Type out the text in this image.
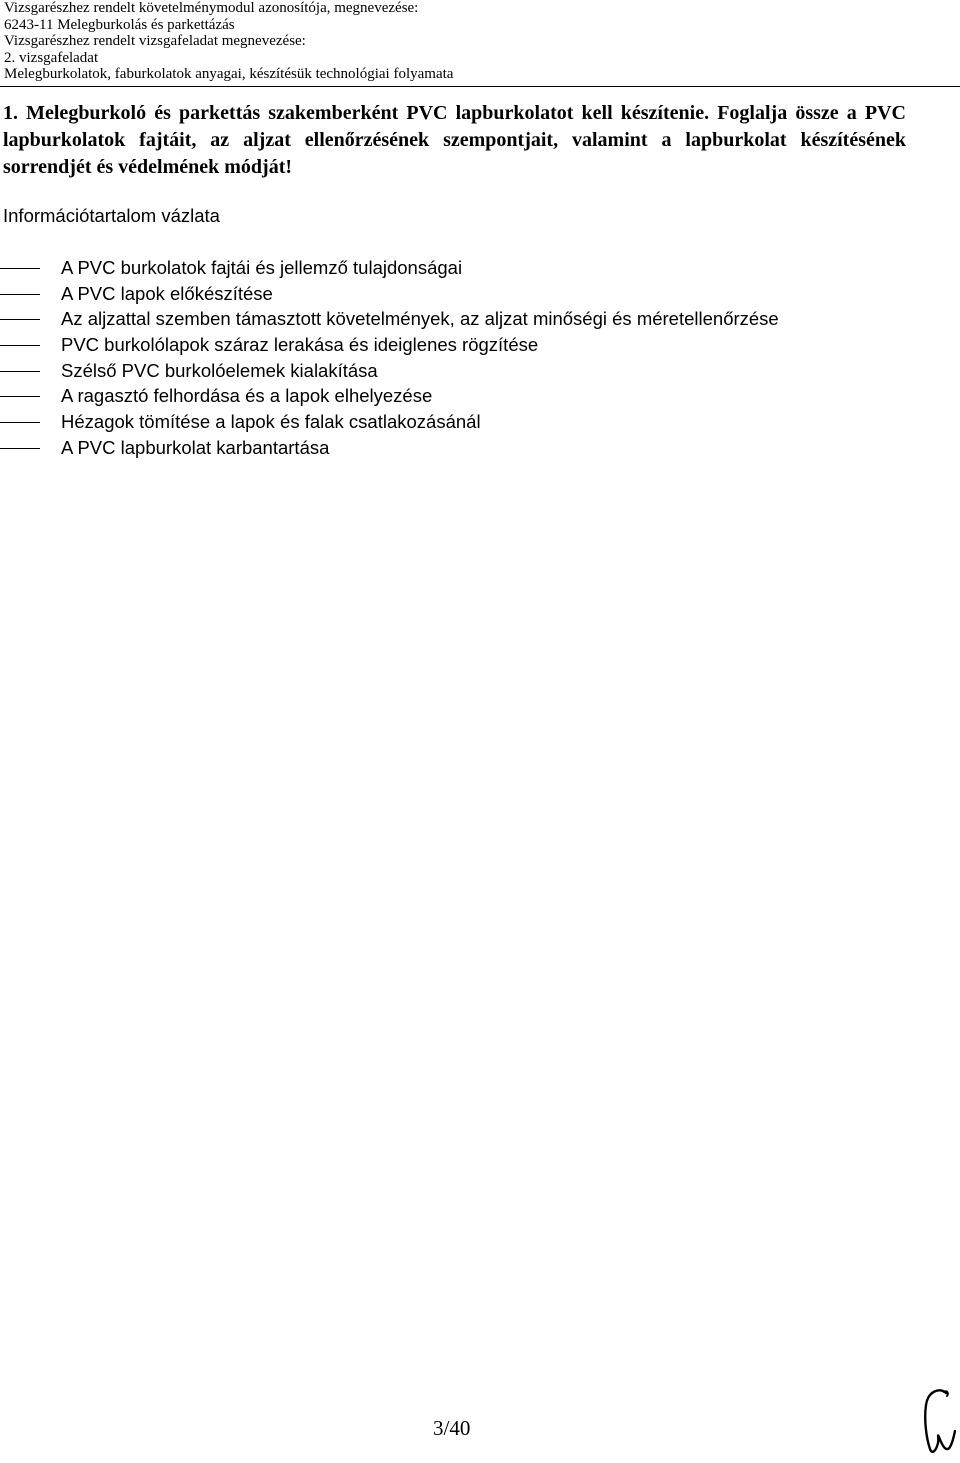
Vizsgarészhez rendelt követelménymodul azonosítója, megnevezése:
6243-11 Melegburkolás és parkettázás
Vizsgarészhez rendelt vizsgafeladat megnevezése:
2. vizsgafeladat
Melegburkolatok, faburkolatok anyagai, készítésük technológiai folyamata
1. Melegburkoló és parkettás szakemberként PVC lapburkolatot kell készítenie. Foglalja össze a PVC lapburkolatok fajtáit, az aljzat ellenőrzésének szempontjait, valamint a lapburkolat készítésének sorrendjét és védelmének módját!
Információtartalom vázlata
A PVC burkolatok fajtái és jellemző tulajdonságai
A PVC lapok előkészítése
Az aljzattal szemben támasztott követelmények, az aljzat minőségi és méretellenőrzése
PVC burkolólapok száraz lerakása és ideiglenes rögzítése
Szélső PVC burkolóelemek kialakítása
A ragasztó felhordása és a lapok elhelyezése
Hézagok tömítése a lapok és falak csatlakozásánál
A PVC lapburkolat karbantartása
3/40
